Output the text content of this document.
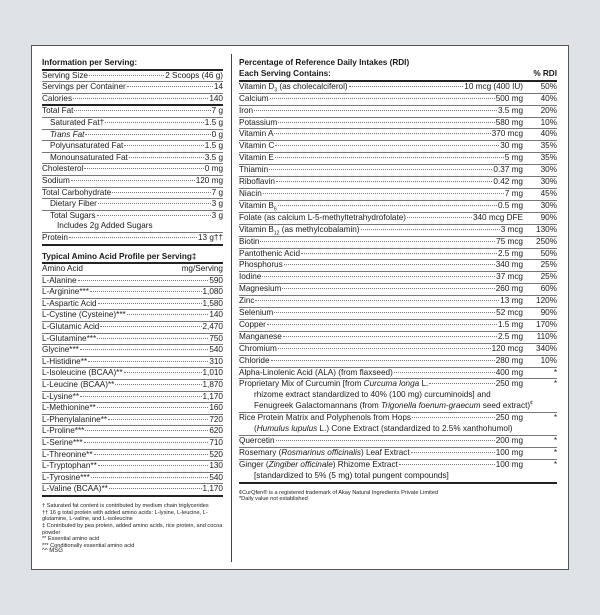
Information per Serving:
Serving Size	2 Scoops (46 g)
Servings per Container	14
Calories	140
Total Fat	7 g
Saturated Fat†	1.5 g
Trans Fat	0 g
Polyunsaturated Fat	1.5 g
Monounsaturated Fat	3.5 g
Cholesterol	0 mg
Sodium	120 mg
Total Carbohydrate	7 g
Dietary Fiber	3 g
Total Sugars	3 g
Includes 2g Added Sugars
Protein	13 g††
Typical Amino Acid Profile per Serving‡
Amino Acid	mg/Serving
L-Alanine	590
L-Arginine***	1,080
L-Aspartic Acid	1,580
L-Cystine (Cysteine)***	140
L-Glutamic Acid	2,470
L-Glutamine***	750
Glycine***	540
L-Histidine**	310
L-Isoleucine (BCAA)**	1,010
L-Leucine (BCAA)**	1,870
L-Lysine**	1,170
L-Methionine**	160
L-Phenylalanine**	720
L-Proline***	620
L-Serine***	710
L-Threonine**	520
L-Tryptophan**	130
L-Tyrosine***	540
L-Valine (BCAA)**	1,170
† Saturated fat content is contributed by medium chain triglycerides
†† 16 g total protein with added amino acids: L-lysine, L-leucine, L-glutamine, L-valine, and L-isoleucine
‡ Contributed by pea protein, added amino acids, rice protein, and cocoa powder
** Essential amino acid
*** Conditionally essential amino acid
^^ MSG
Percentage of Reference Daily Intakes (RDI)
Each Serving Contains:	% RDI
Vitamin $D_3$ (as cholecalciferol)	10 mcg (400 IU)	50%
Calcium	500 mg	40%
Iron	3.5 mg	20%
Potassium	580 mg	10%
Vitamin A	370 mcg	40%
Vitamin C	30 mg	35%
Vitamin E	5 mg	35%
Thiamin	0.37 mg	30%
Riboflavin	0.42 mg	30%
Niacin	7 mg	45%
Vitamin $B_6$	0.5 mg	30%
Folate (as calcium L-5-methyltetrahydrofolate)	340 mcg DFE	90%
Vitamin $B_{12}$ (as methylcobalamin)	3 mcg	130%
Biotin	75 mcg	250%
Pantothenic Acid	2.5 mg	50%
Phosphorus	340 mg	25%
Iodine	37 mcg	25%
Magnesium	260 mg	60%
Zinc	13 mg	120%
Selenium	52 mcg	90%
Copper	1.5 mg	170%
Manganese	2.5 mg	110%
Chromium	120 mcg	340%
Chloride	280 mg	10%
Alpha-Linolenic Acid (ALA) (from flaxseed)	400 mg	*
Proprietary Mix of Curcumin [from Curcuma longa L.	250 mg	*
rhizome extract standardized to 40% (100 mg) curcuminoids] and
Fenugreek Galactomannans (from Trigonella foenum-graecum seed extract)¢
Rice Protein Matrix and Polyphenols from Hops	250 mg	*
(Humulus lupulus L.) Cone Extract (standardized to 2.5% xanthohumol)
Quercetin	200 mg	*
Rosemary (Rosmarinus officinalis) Leaf Extract	100 mg	*
Ginger (Zingiber officinale) Rhizome Extract	100 mg	*
[standardized to 5% (5 mg) total pungent compounds]
¢CurQfen® is a registered trademark of Akay Natural Ingredients Private Limited
*Daily value not established
